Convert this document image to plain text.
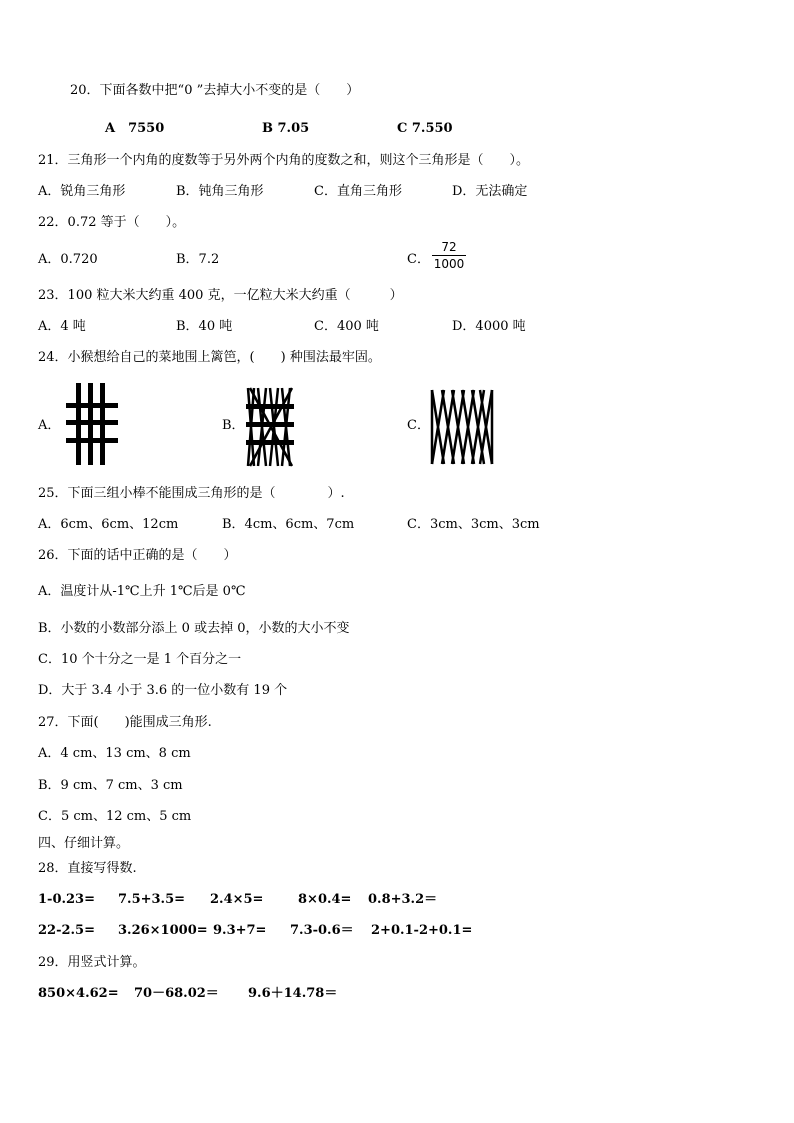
20．下面各数中把“0 ”去掉大小不变的是（　　）
A　7550	B 7.05	C 7.550
21．三角形一个内角的度数等于另外两个内角的度数之和，则这个三角形是（　　）。
A．锐角三角形	B．钝角三角形	C．直角三角形	D．无法确定
22．0.72 等于（　　）。
A．0.720	B．7.2	C．
72
1000
23．100 粒大米大约重 400 克，一亿粒大米大约重（　　　）
A．4 吨	B．40 吨	C．400 吨	D．4000 吨
24．小猴想给自己的菜地围上篱笆，(　　) 种围法最牢固。
A．	B．	C．
25．下面三组小棒不能围成三角形的是（　　　　）.
A．6cm、6cm、12cm	B．4cm、6cm、7cm	C．3cm、3cm、3cm
26．下面的话中正确的是（　　）
A．温度计从-1℃上升 1℃后是 0℃
B．小数的小数部分添上 0 或去掉 0，小数的大小不变
C．10 个十分之一是 1 个百分之一
D．大于 3.4 小于 3.6 的一位小数有 19 个
27．下面(　　)能围成三角形.
A．4 cm、13 cm、8 cm
B．9 cm、7 cm、3 cm
C．5 cm、12 cm、5 cm
四、仔细计算。
28．直接写得数.
1-0.23= 7.5+3.5= 2.4×5=	8×0.4= 0.8+3.2＝
22-2.5= 3.26×1000= 9.3+7= 7.3-0.6＝ 2+0.1-2+0.1=
29．用竖式计算。
850×4.62= 70－68.02＝ 9.6＋14.78＝
